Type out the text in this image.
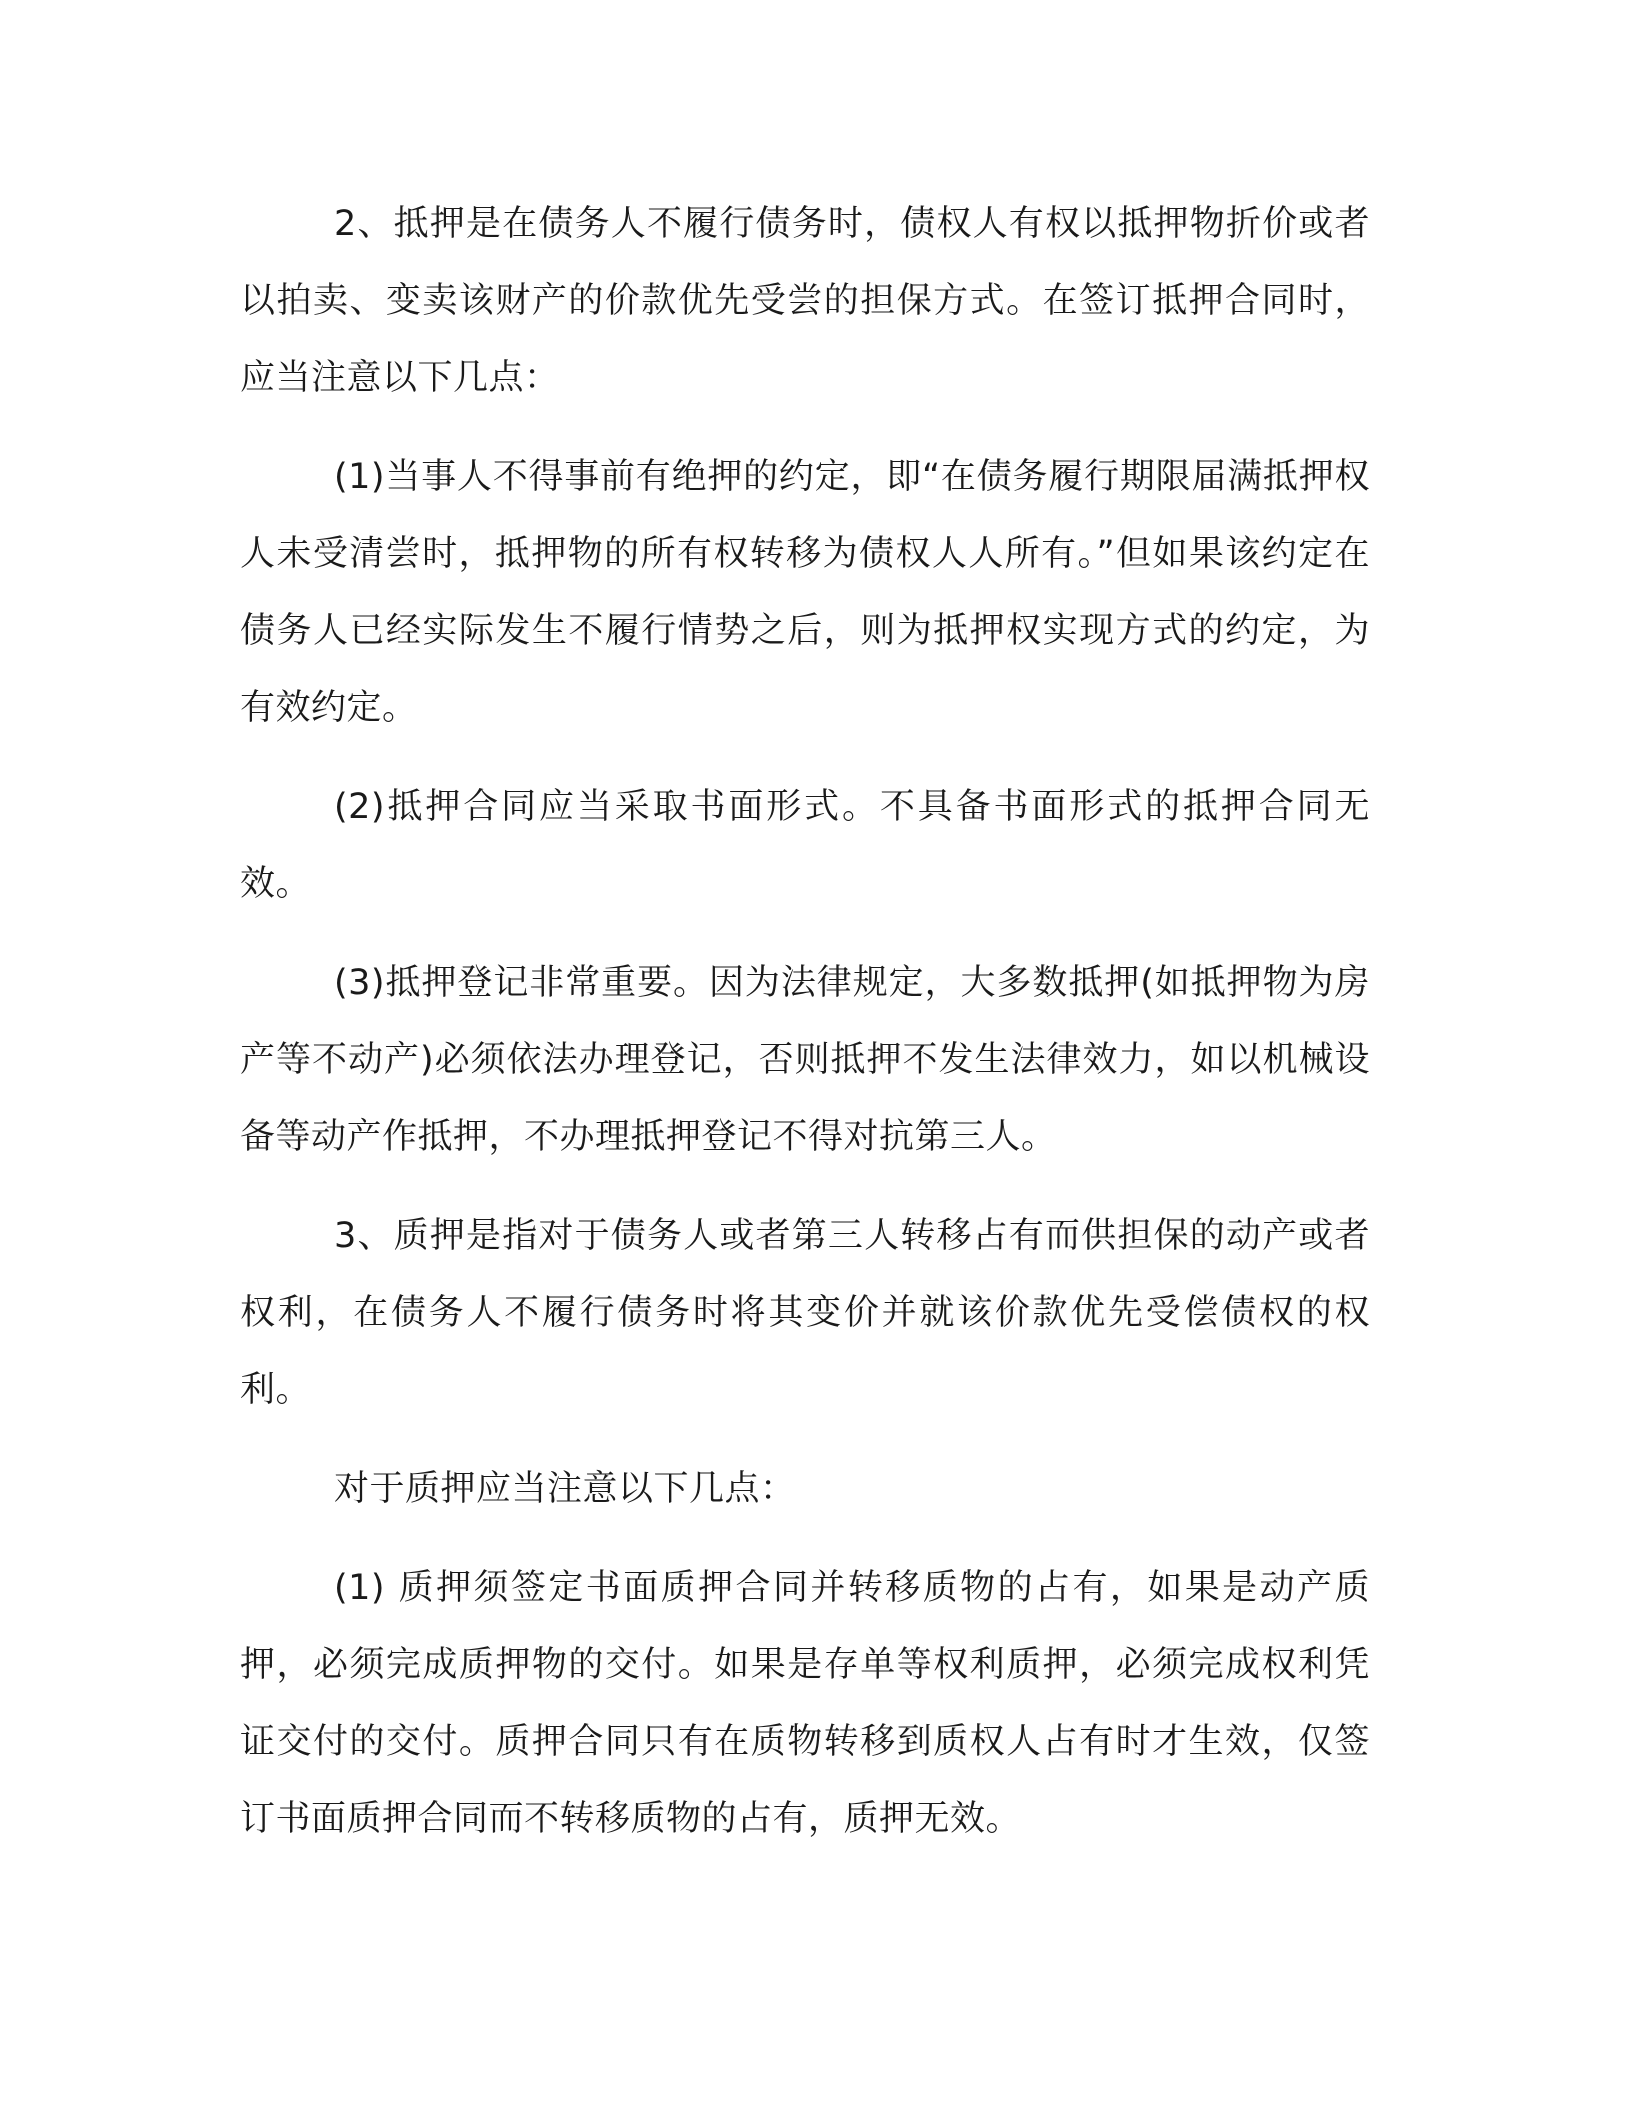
2、抵押是在债务人不履行债务时，债权人有权以抵押物折价或者以拍卖、变卖该财产的价款优先受尝的担保方式。在签订抵押合同时，应当注意以下几点：

(1)当事人不得事前有绝押的约定，即“在债务履行期限届满抵押权人未受清尝时，抵押物的所有权转移为债权人人所有。”但如果该约定在债务人已经实际发生不履行情势之后，则为抵押权实现方式的约定，为有效约定。

(2)抵押合同应当采取书面形式。不具备书面形式的抵押合同无效。

(3)抵押登记非常重要。因为法律规定，大多数抵押(如抵押物为房产等不动产)必须依法办理登记，否则抵押不发生法律效力，如以机械设备等动产作抵押，不办理抵押登记不得对抗第三人。

3、质押是指对于债务人或者第三人转移占有而供担保的动产或者权利，在债务人不履行债务时将其变价并就该价款优先受偿债权的权利。

对于质押应当注意以下几点：

(1) 质押须签定书面质押合同并转移质物的占有，如果是动产质押，必须完成质押物的交付。如果是存单等权利质押，必须完成权利凭证交付的交付。质押合同只有在质物转移到质权人占有时才生效，仅签订书面质押合同而不转移质物的占有，质押无效。
